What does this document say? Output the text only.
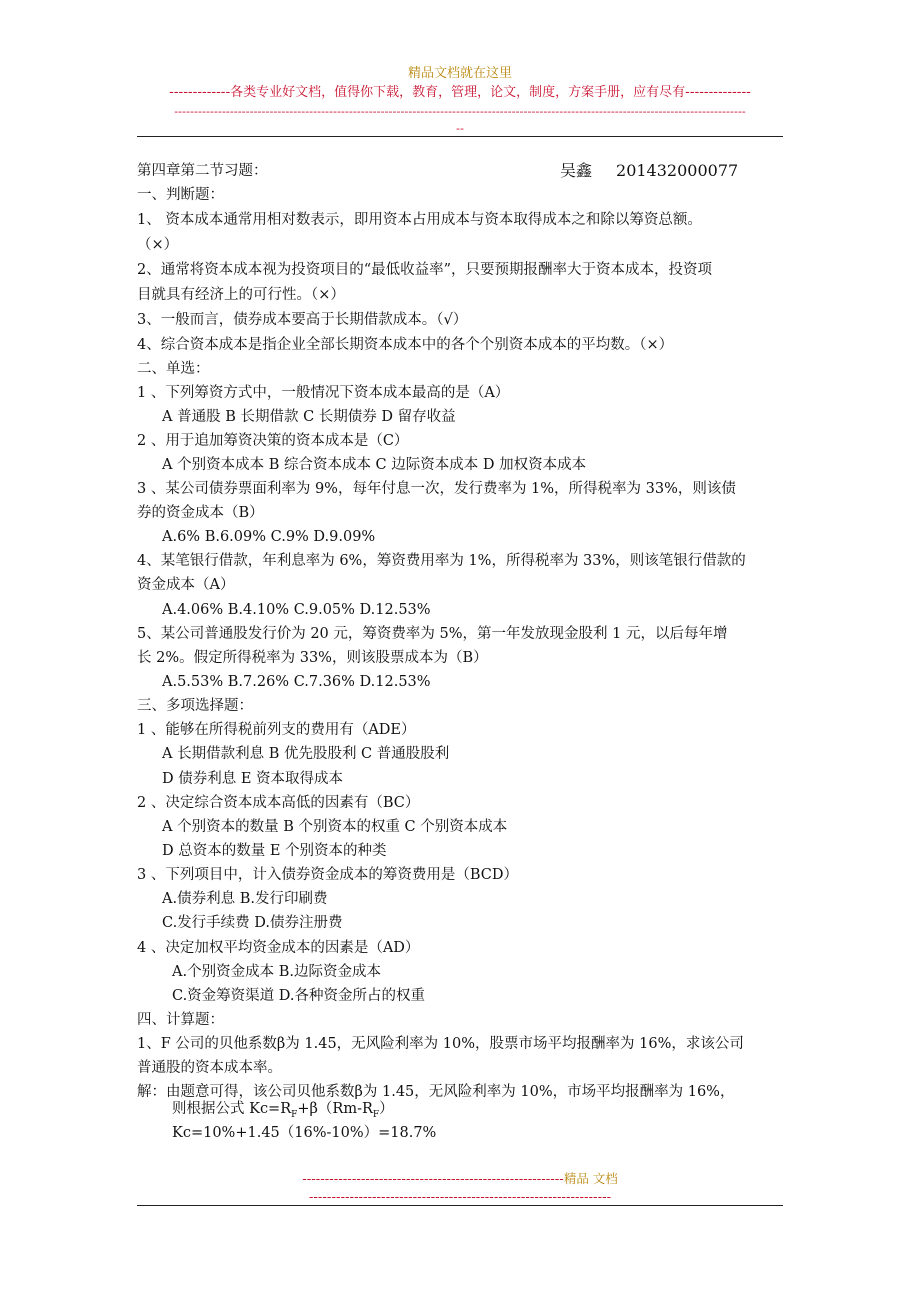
精品文档就在这里
-------------各类专业好文档，值得你下载，教育，管理，论文，制度，方案手册，应有尽有--------------
------------------------------------------------------------------------------------------------------------------------------------------------
--
第四章第二节习题：	吴鑫 201432000077
一、判断题：
1、 资本成本通常用相对数表示，即用资本占用成本与资本取得成本之和除以筹资总额。
（×）
2、通常将资本成本视为投资项目的“最低收益率”，只要预期报酬率大于资本成本，投资项
目就具有经济上的可行性。（×）
3、一般而言，债券成本要高于长期借款成本。（√）
4、综合资本成本是指企业全部长期资本成本中的各个个别资本成本的平均数。（×）
二、单选：
1 、下列筹资方式中，一般情况下资本成本最高的是（A）
A 普通股 B 长期借款 C 长期债券 D 留存收益
2 、用于追加筹资决策的资本成本是（C）
A 个别资本成本 B 综合资本成本 C 边际资本成本 D 加权资本成本
3 、某公司债券票面利率为 9%，每年付息一次，发行费率为 1%，所得税率为 33%，则该债
券的资金成本（B）
A.6% B.6.09% C.9% D.9.09%
4、某笔银行借款，年利息率为 6%，筹资费用率为 1%，所得税率为 33%，则该笔银行借款的
资金成本（A）
A.4.06% B.4.10% C.9.05% D.12.53%
5、某公司普通股发行价为 20 元，筹资费率为 5%，第一年发放现金股利 1 元，以后每年增
长 2%。假定所得税率为 33%，则该股票成本为（B）
A.5.53% B.7.26% C.7.36% D.12.53%
三、多项选择题：
1 、能够在所得税前列支的费用有（ADE）
A 长期借款利息 B 优先股股利 C 普通股股利
D 债券利息 E 资本取得成本
2 、决定综合资本成本高低的因素有（BC）
A 个别资本的数量 B 个别资本的权重 C 个别资本成本
D 总资本的数量 E 个别资本的种类
3 、下列项目中，计入债券资金成本的筹资费用是（BCD）
A.债券利息 B.发行印刷费
C.发行手续费 D.债券注册费
4 、决定加权平均资金成本的因素是（AD）
A.个别资金成本 B.边际资金成本
C.资金筹资渠道 D.各种资金所占的权重
四、计算题：
1、F 公司的贝他系数β为 1.45，无风险利率为 10%，股票市场平均报酬率为 16%，求该公司
普通股的资本成本率。
解：由题意可得，该公司贝他系数β为 1.45，无风险利率为 10%，市场平均报酬率为 16%，
则根据公式 $Kc=R_F+\beta(Rm-R_F)$
Kc=10%+1.45（16%-10%）=18.7%
----------------------------------------------------------精品 文档
-------------------------------------------------------------------
